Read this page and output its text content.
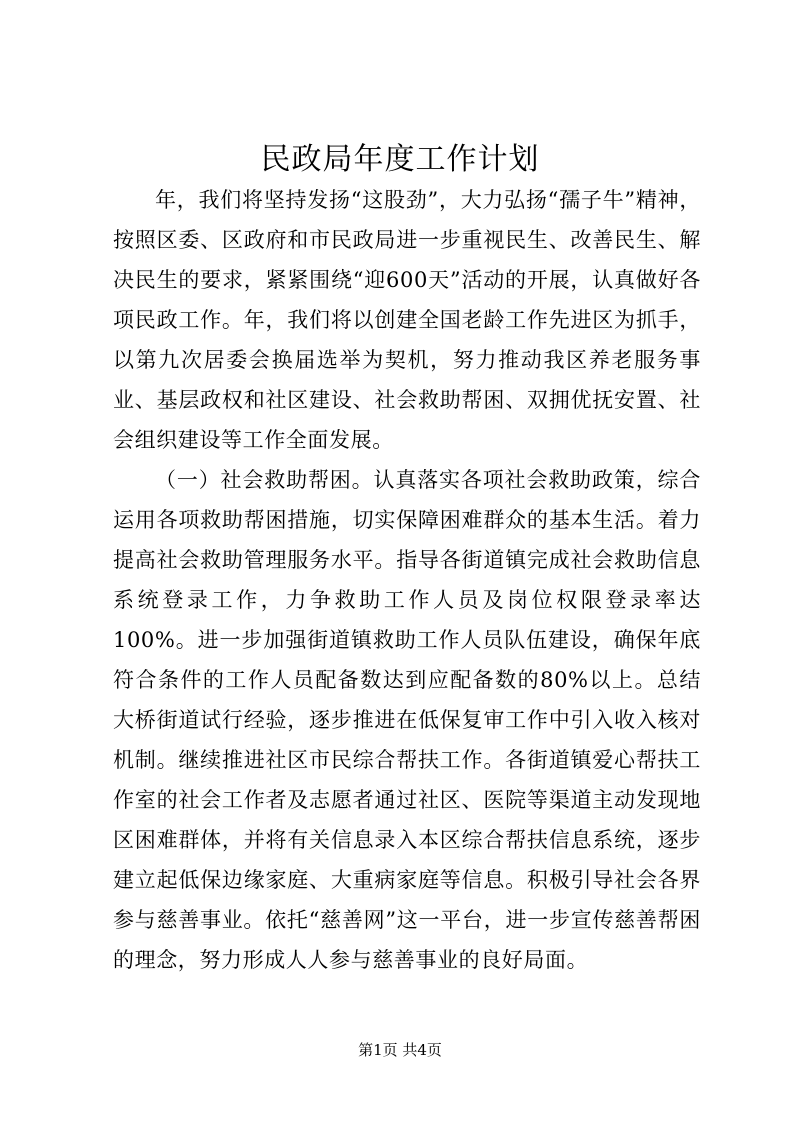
民政局年度工作计划

年，我们将坚持发扬“这股劲”，大力弘扬“孺子牛”精神，按照区委、区政府和市民政局进一步重视民生、改善民生、解决民生的要求，紧紧围绕“迎600天”活动的开展，认真做好各项民政工作。年，我们将以创建全国老龄工作先进区为抓手，以第九次居委会换届选举为契机，努力推动我区养老服务事业、基层政权和社区建设、社会救助帮困、双拥优抚安置、社会组织建设等工作全面发展。

（一）社会救助帮困。认真落实各项社会救助政策，综合运用各项救助帮困措施，切实保障困难群众的基本生活。着力提高社会救助管理服务水平。指导各街道镇完成社会救助信息系统登录工作，力争救助工作人员及岗位权限登录率达100%。进一步加强街道镇救助工作人员队伍建设，确保年底符合条件的工作人员配备数达到应配备数的80%以上。总结大桥街道试行经验，逐步推进在低保复审工作中引入收入核对机制。继续推进社区市民综合帮扶工作。各街道镇爱心帮扶工作室的社会工作者及志愿者通过社区、医院等渠道主动发现地区困难群体，并将有关信息录入本区综合帮扶信息系统，逐步建立起低保边缘家庭、大重病家庭等信息。积极引导社会各界参与慈善事业。依托“慈善网”这一平台，进一步宣传慈善帮困的理念，努力形成人人参与慈善事业的良好局面。

第1页 共4页
